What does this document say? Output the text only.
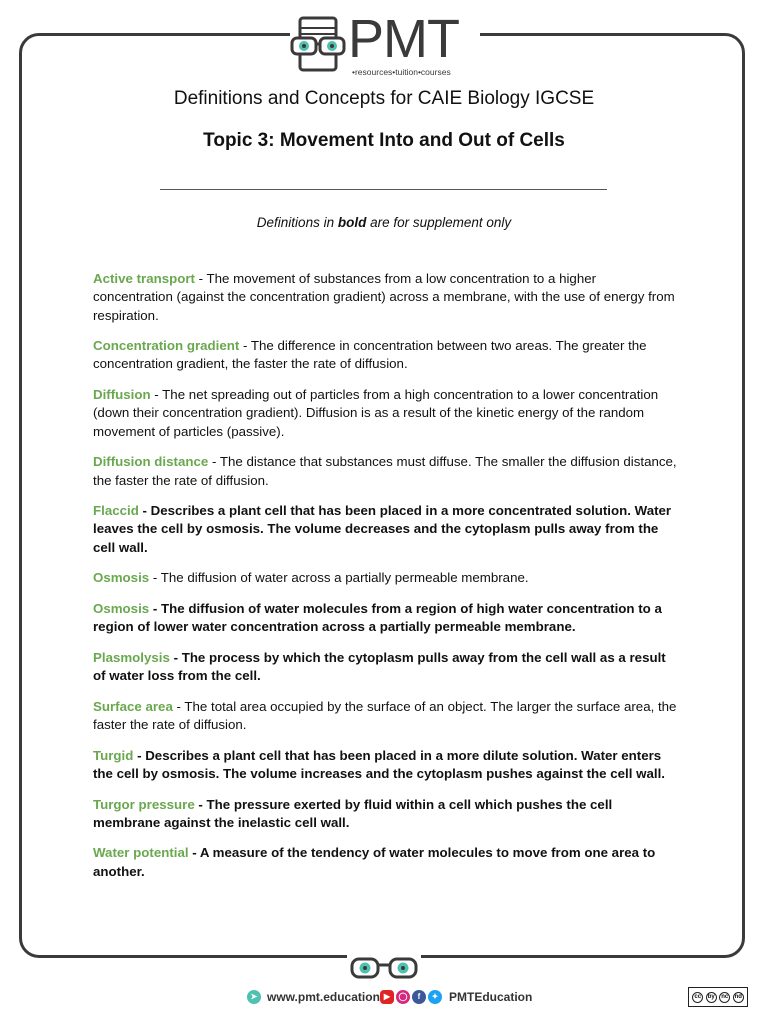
PMT
•resources•tuition•courses
Definitions and Concepts for CAIE Biology IGCSE
Topic 3: Movement Into and Out of Cells
Definitions in bold are for supplement only
Active transport - The movement of substances from a low concentration to a higher concentration (against the concentration gradient) across a membrane, with the use of energy from respiration.
Concentration gradient - The difference in concentration between two areas. The greater the concentration gradient, the faster the rate of diffusion.
Diffusion - The net spreading out of particles from a high concentration to a lower concentration (down their concentration gradient). Diffusion is as a result of the kinetic energy of the random movement of particles (passive).
Diffusion distance - The distance that substances must diffuse. The smaller the diffusion distance, the faster the rate of diffusion.
Flaccid - Describes a plant cell that has been placed in a more concentrated solution. Water leaves the cell by osmosis. The volume decreases and the cytoplasm pulls away from the cell wall.
Osmosis - The diffusion of water across a partially permeable membrane.
Osmosis - The diffusion of water molecules from a region of high water concentration to a region of lower water concentration across a partially permeable membrane.
Plasmolysis - The process by which the cytoplasm pulls away from the cell wall as a result of water loss from the cell.
Surface area - The total area occupied by the surface of an object. The larger the surface area, the faster the rate of diffusion.
Turgid - Describes a plant cell that has been placed in a more dilute solution. Water enters the cell by osmosis. The volume increases and the cytoplasm pushes against the cell wall.
Turgor pressure - The pressure exerted by fluid within a cell which pushes the cell membrane against the inelastic cell wall.
Water potential - A measure of the tendency of water molecules to move from one area to another.
➤ www.pmt.education ▶	◯	f	✦ PMTEducation	cc	by	nc	nd
